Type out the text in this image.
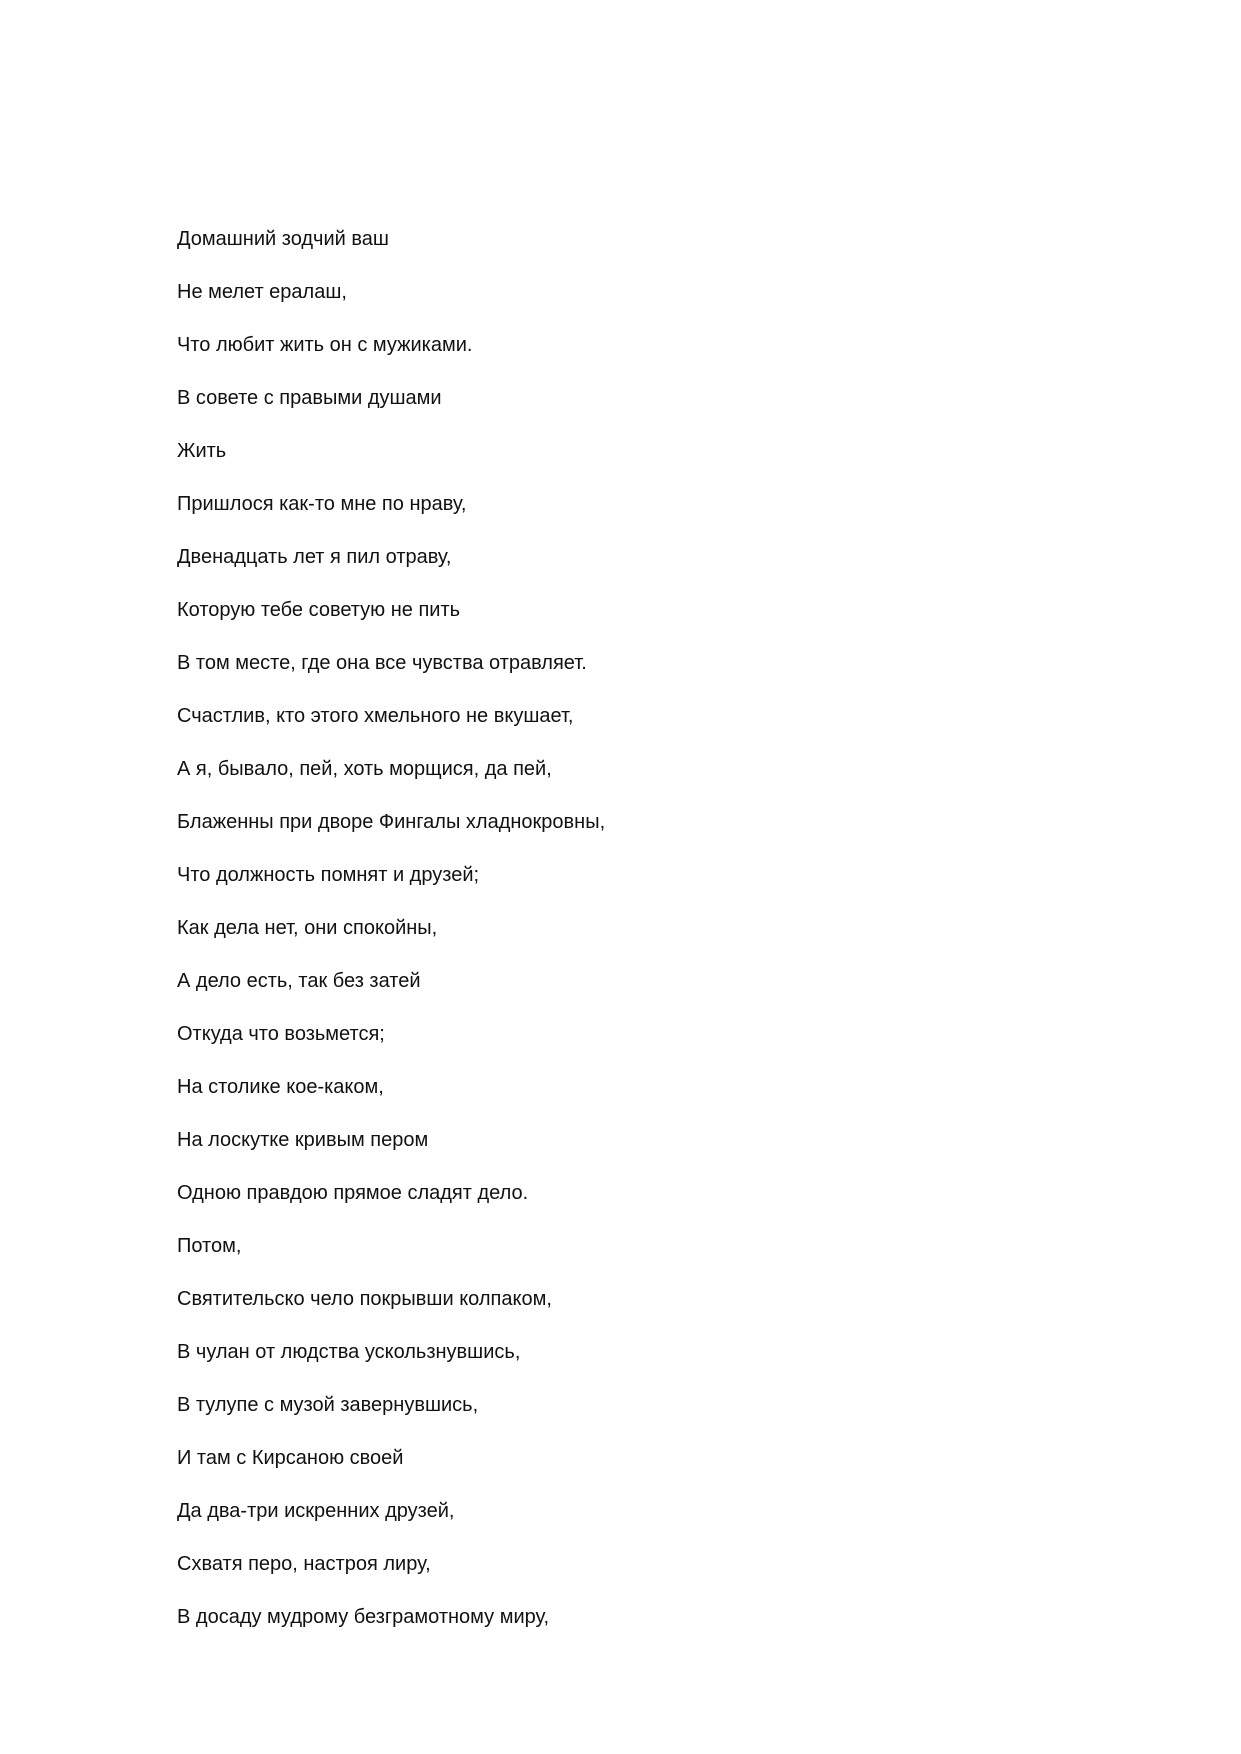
Домашний зодчий ваш
Не мелет ералаш,
Что любит жить он с мужиками.
В совете с правыми душами
Жить
Пришлося как-то мне по нраву,
Двенадцать лет я пил отраву,
Которую тебе советую не пить
В том месте, где она все чувства отравляет.
Счастлив, кто этого хмельного не вкушает,
А я, бывало, пей, хоть морщися, да пей,
Блаженны при дворе Фингалы хладнокровны,
Что должность помнят и друзей;
Как дела нет, они спокойны,
А дело есть, так без затей
Откуда что возьмется;
На столике кое-каком,
На лоскутке кривым пером
Одною правдою прямое сладят дело.
Потом,
Святительско чело покрывши колпаком,
В чулан от людства ускользнувшись,
В тулупе с музой завернувшись,
И там с Кирсаною своей
Да два-три искренних друзей,
Схватя перо, настроя лиру,
В досаду мудрому безграмотному миру,
